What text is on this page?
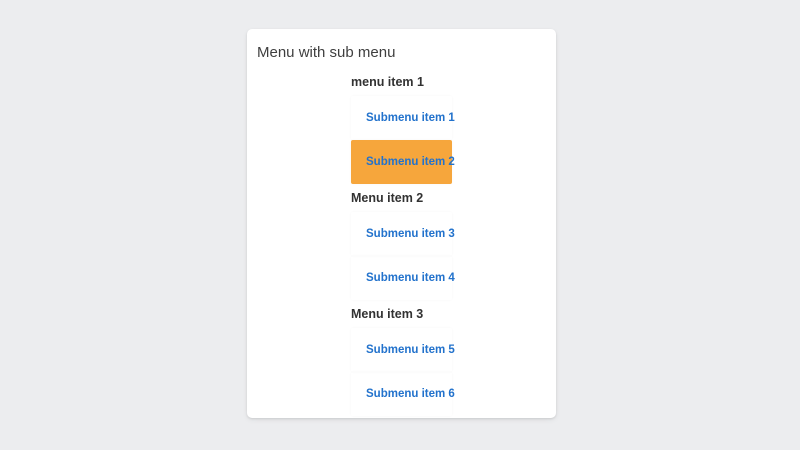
Menu with sub menu
menu item 1
Submenu item 1
Submenu item 2
Menu item 2
Submenu item 3
Submenu item 4
Menu item 3
Submenu item 5
Submenu item 6
